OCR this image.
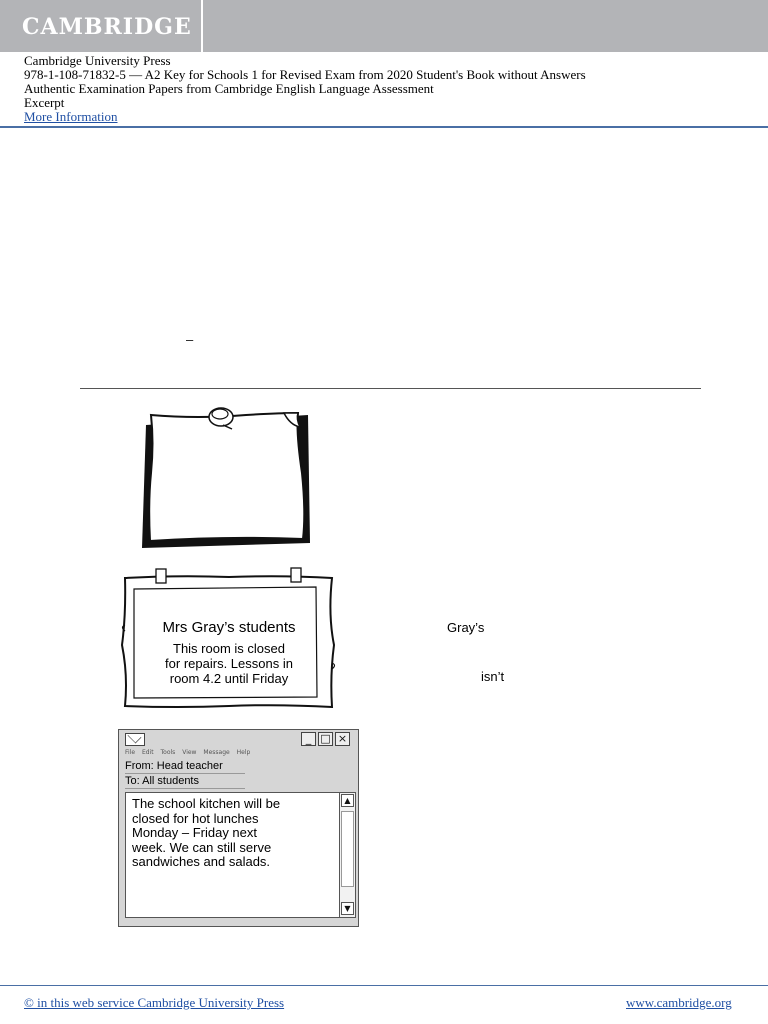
CAMBRIDGE
Cambridge University Press
978-1-108-71832-5 — A2 Key for Schools 1 for Revised Exam from 2020 Student's Book without Answers
Authentic Examination Papers from Cambridge English Language Assessment
Excerpt
More Information
–
Mrs Gray’s students
This room is closed for repairs. Lessons in room 4.2 until Friday
Gray’s
isn’t
_ □ ×
File Edit Tools View Message Help
From: Head teacher
To: All students
The school kitchen will be
closed for hot lunches
Monday – Friday next
week. We can still serve
sandwiches and salads.
▲
▼
© in this web service Cambridge University Press	www.cambridge.org
